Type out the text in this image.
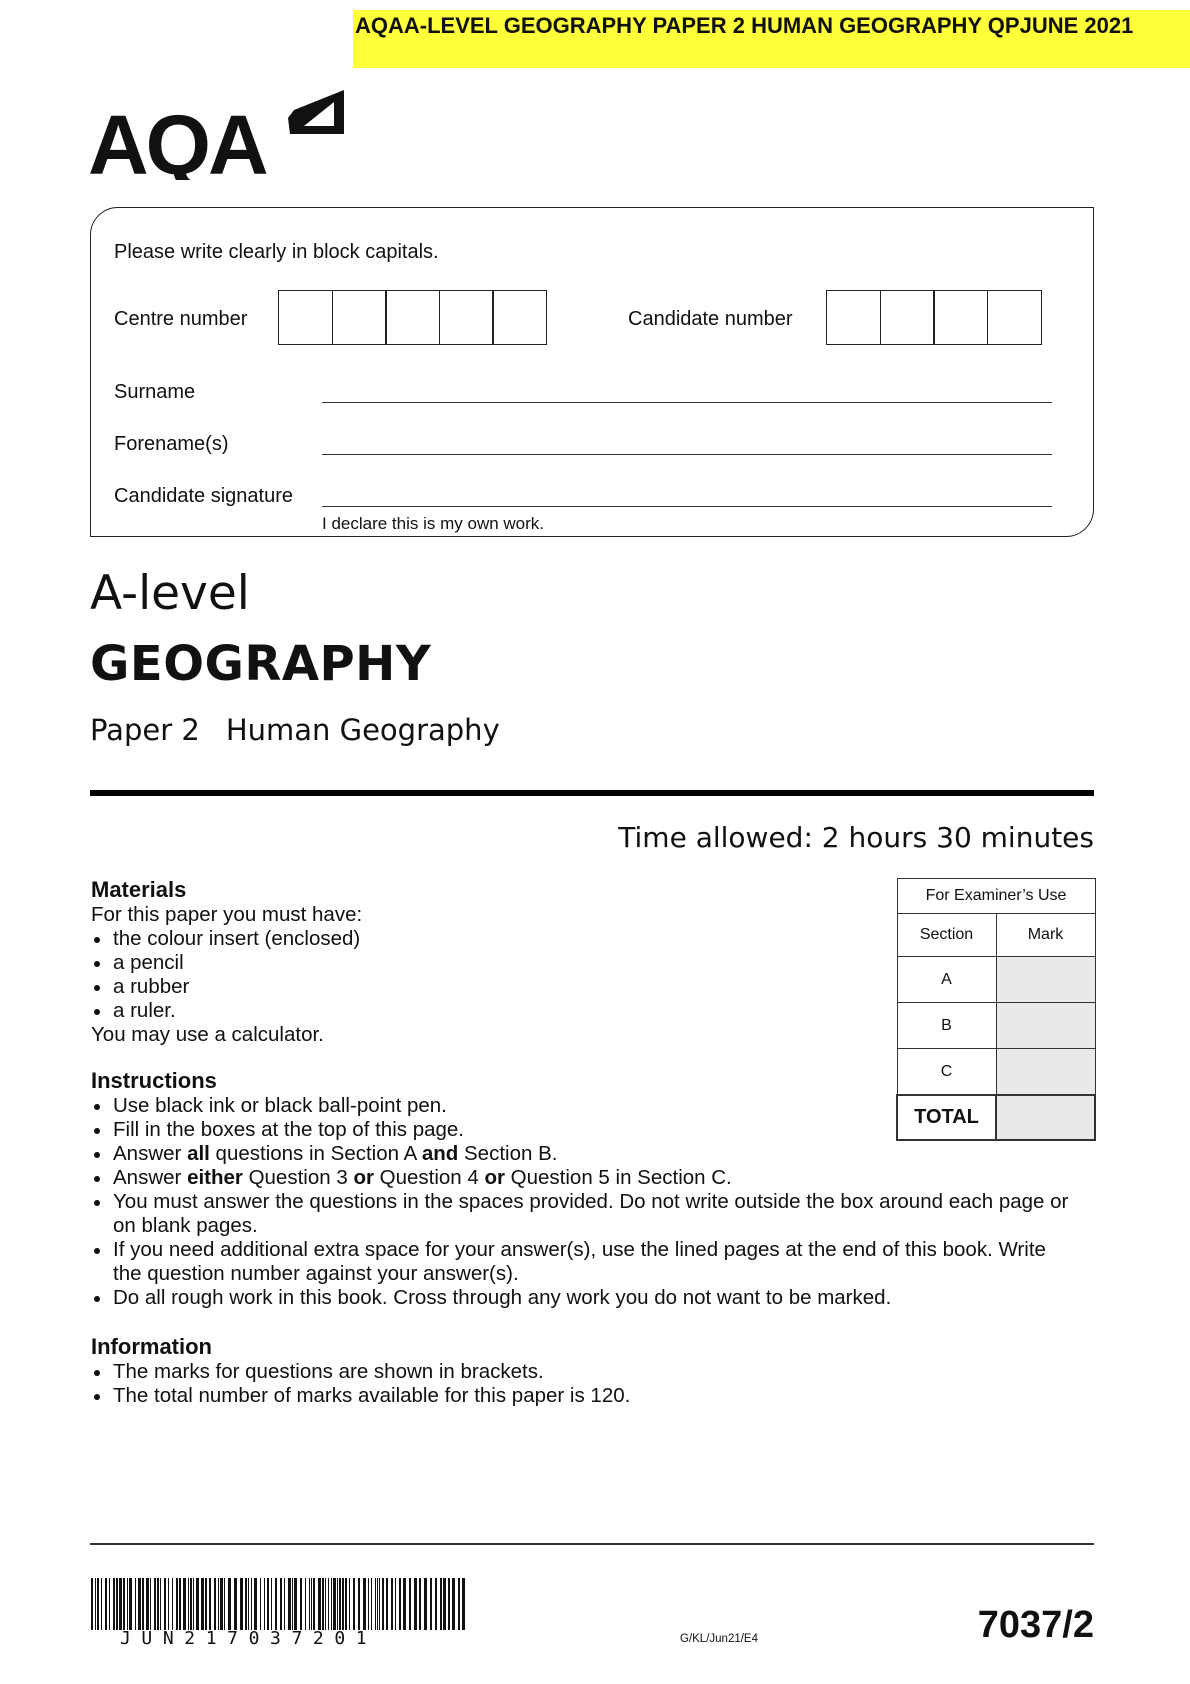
AQAA-LEVEL GEOGRAPHY PAPER 2 HUMAN GEOGRAPHY QPJUNE 2021
AQA
Please write clearly in block capitals.
Centre number	Candidate number
Surname
Forename(s)
Candidate signature
I declare this is my own work.
A-level
GEOGRAPHY
Paper 2 Human Geography
Time allowed: 2 hours 30 minutes
Materials
For this paper you must have:
the colour insert (enclosed)
a pencil
a rubber
a ruler.
You may use a calculator.
Instructions
Use black ink or black ball-point pen.
Fill in the boxes at the top of this page.
Answer all questions in Section A and Section B.
Answer either Question 3 or Question 4 or Question 5 in Section C.
You must answer the questions in the spaces provided. Do not write outside the box around each page or on blank pages.
If you need additional extra space for your answer(s), use the lined pages at the end of this book. Write the question number against your answer(s).
Do all rough work in this book. Cross through any work you do not want to be marked.
Information
The marks for questions are shown in brackets.
The total number of marks available for this paper is 120.
For Examiner’s Use	
Section	Mark
A	
B	
C	
TOTAL	
JUN217037201	G/KL/Jun21/E4	7037/2
